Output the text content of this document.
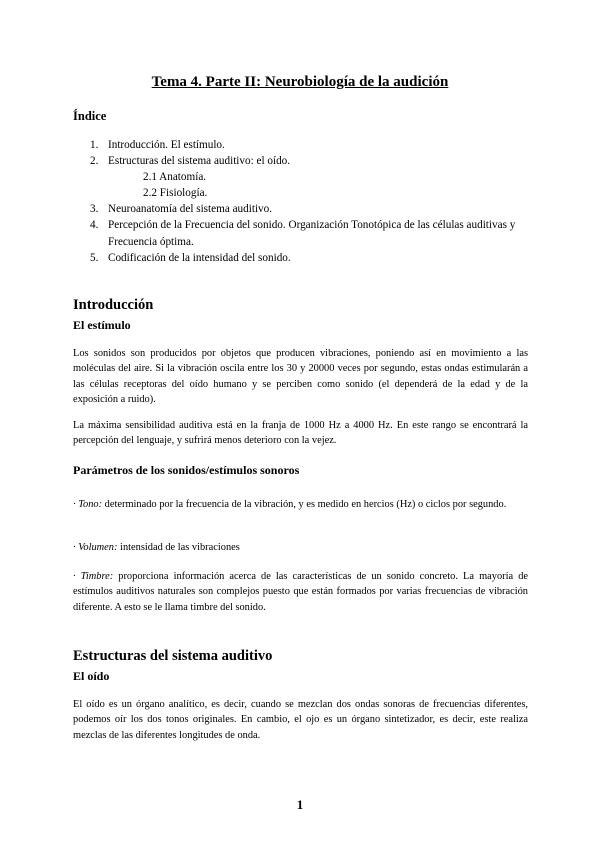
Tema 4. Parte II: Neurobiología de la audición
Índice
1. Introducción. El estímulo.
2. Estructuras del sistema auditivo: el oído.
2.1 Anatomía.
2.2 Fisiología.
3. Neuroanatomía del sistema auditivo.
4. Percepción de la Frecuencia del sonido. Organización Tonotópica de las células auditivas y Frecuencia óptima.
5. Codificación de la intensidad del sonido.
Introducción
El estímulo
Los sonidos son producidos por objetos que producen vibraciones, poniendo así en movimiento a las moléculas del aire. Si la vibración oscila entre los 30 y 20000 veces por segundo, estas ondas estimularán a las células receptoras del oído humano y se perciben como sonido (el dependerá de la edad y de la exposición a ruido).
La máxima sensibilidad auditiva está en la franja de 1000 Hz a 4000 Hz. En este rango se encontrará la percepción del lenguaje, y sufrirá menos deterioro con la vejez.
Parámetros de los sonidos/estímulos sonoros
· Tono: determinado por la frecuencia de la vibración, y es medido en hercios (Hz) o ciclos por segundo.
· Volumen: intensidad de las vibraciones
· Timbre: proporciona información acerca de las características de un sonido concreto. La mayoría de estímulos auditivos naturales son complejos puesto que están formados por varias frecuencias de vibración diferente. A esto se le llama timbre del sonido.
Estructuras del sistema auditivo
El oído
El oído es un órgano analítico, es decir, cuando se mezclan dos ondas sonoras de frecuencias diferentes, podemos oír los dos tonos originales. En cambio, el ojo es un órgano sintetizador, es decir, este realiza mezclas de las diferentes longitudes de onda.
1
